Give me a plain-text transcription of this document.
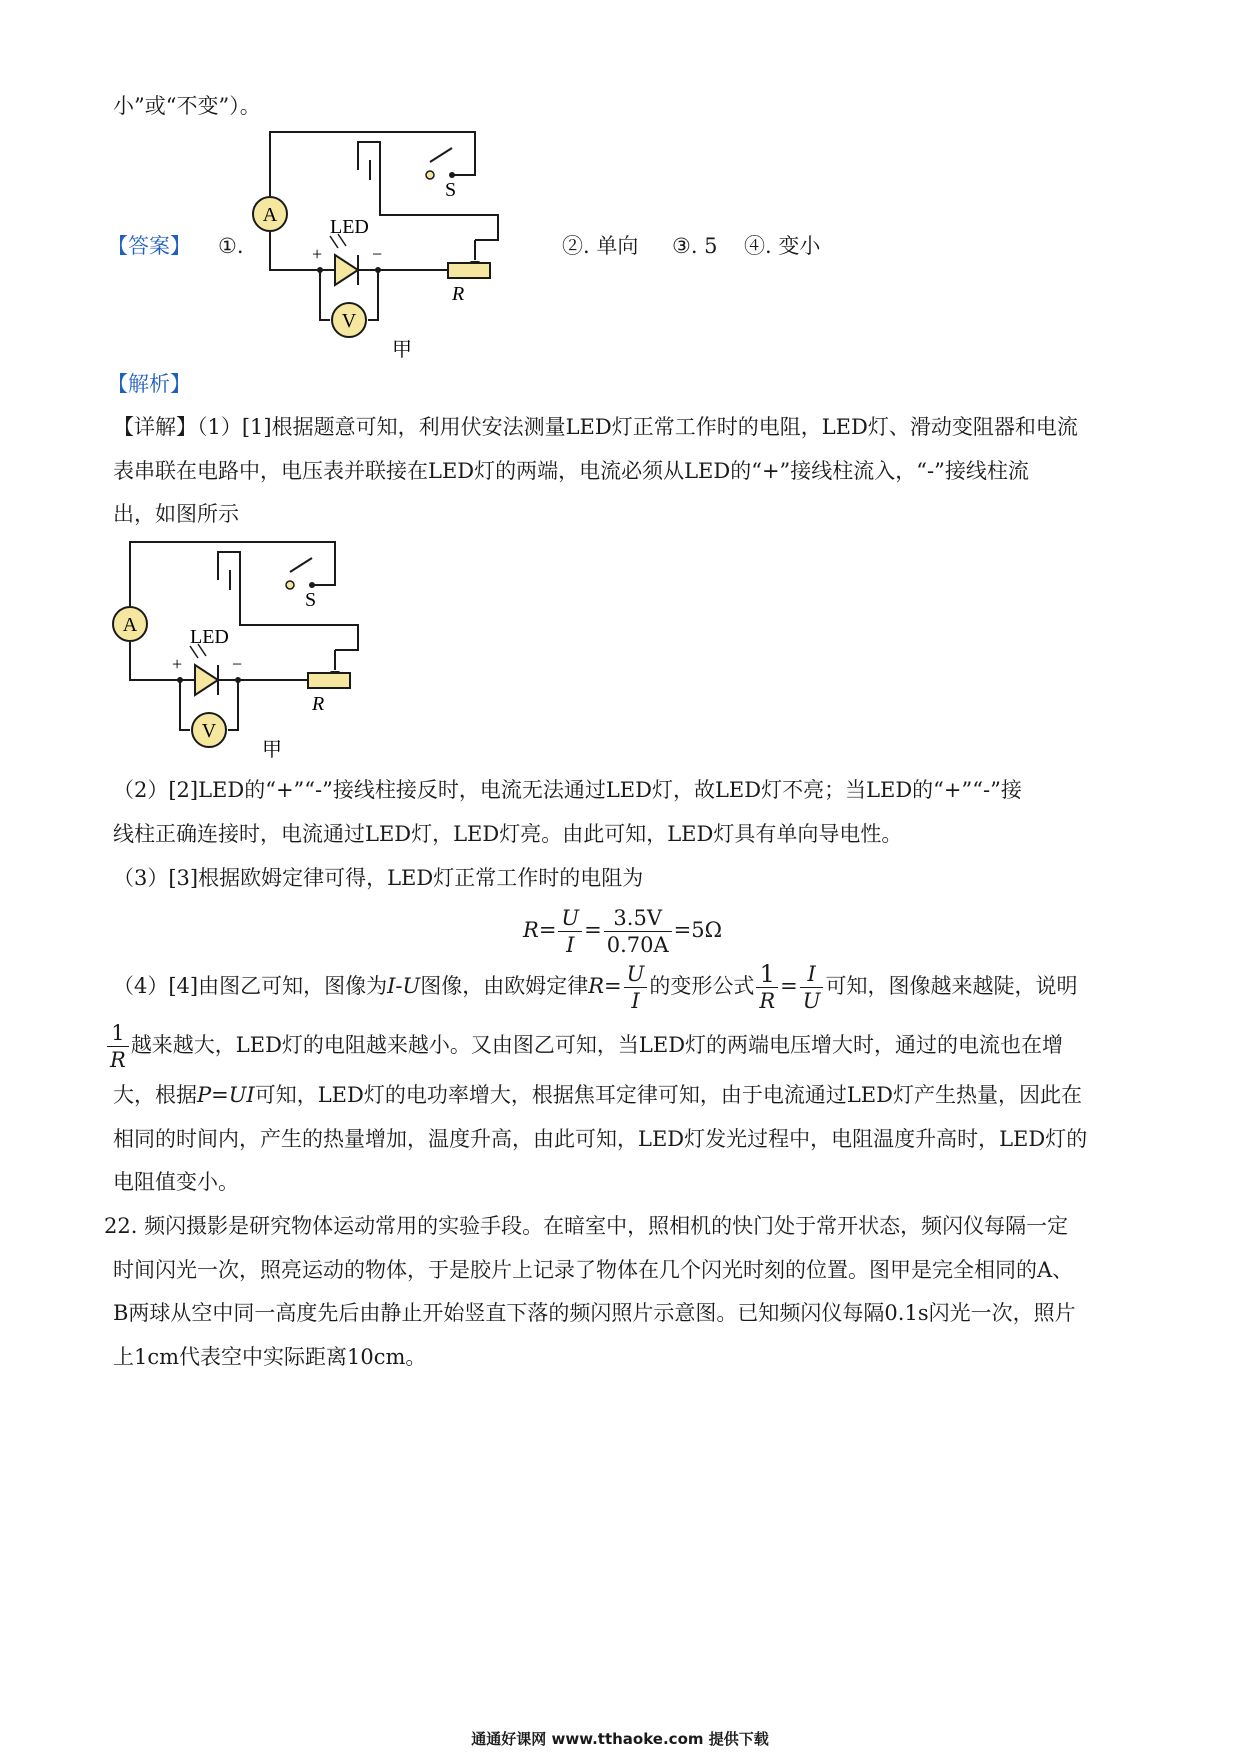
小”或“不变”）。
【答案】 ①.	②. 单向 ③. 5 ④. 变小
A
V
LED
S
R
+	−
甲
【解析】
【详解】（1）[1]根据题意可知，利用伏安法测量LED灯正常工作时的电阻，LED灯、滑动变阻器和电流
表串联在电路中，电压表并联接在LED灯的两端，电流必须从LED的“+”接线柱流入，“-”接线柱流
出，如图所示
A
V
LED
S
R
+	−
甲
（2）[2]LED的“+”“-”接线柱接反时，电流无法通过LED灯，故LED灯不亮；当LED的“+”“-”接
线柱正确连接时，电流通过LED灯，LED灯亮。由此可知，LED灯具有单向导电性。
（3）[3]根据欧姆定律可得，LED灯正常工作时的电阻为
$R= \frac{U}{I} = \frac{3.5V}{0.70A} =5\Omega$
（4）[4]由图乙可知，图像为I-U图像，由欧姆定律$R= \frac{U}{I}$ 的变形公式 $\frac{1}{R} = \frac{I}{U}$ 可知，图像越来越陡，说明
$\frac{1}{R}$ 越来越大，LED灯的电阻越来越小。又由图乙可知，当LED灯的两端电压增大时，通过的电流也在增
大，根据P=UI可知，LED灯的电功率增大，根据焦耳定律可知，由于电流通过LED灯产生热量，因此在
相同的时间内，产生的热量增加，温度升高，由此可知，LED灯发光过程中，电阻温度升高时，LED灯的
电阻值变小。
22. 频闪摄影是研究物体运动常用的实验手段。在暗室中，照相机的快门处于常开状态，频闪仪每隔一定
时间闪光一次，照亮运动的物体，于是胶片上记录了物体在几个闪光时刻的位置。图甲是完全相同的A、
B两球从空中同一高度先后由静止开始竖直下落的频闪照片示意图。已知频闪仪每隔0.1s闪光一次，照片
上1cm代表空中实际距离10cm。
通通好课网 www.tthaoke.com 提供下载
